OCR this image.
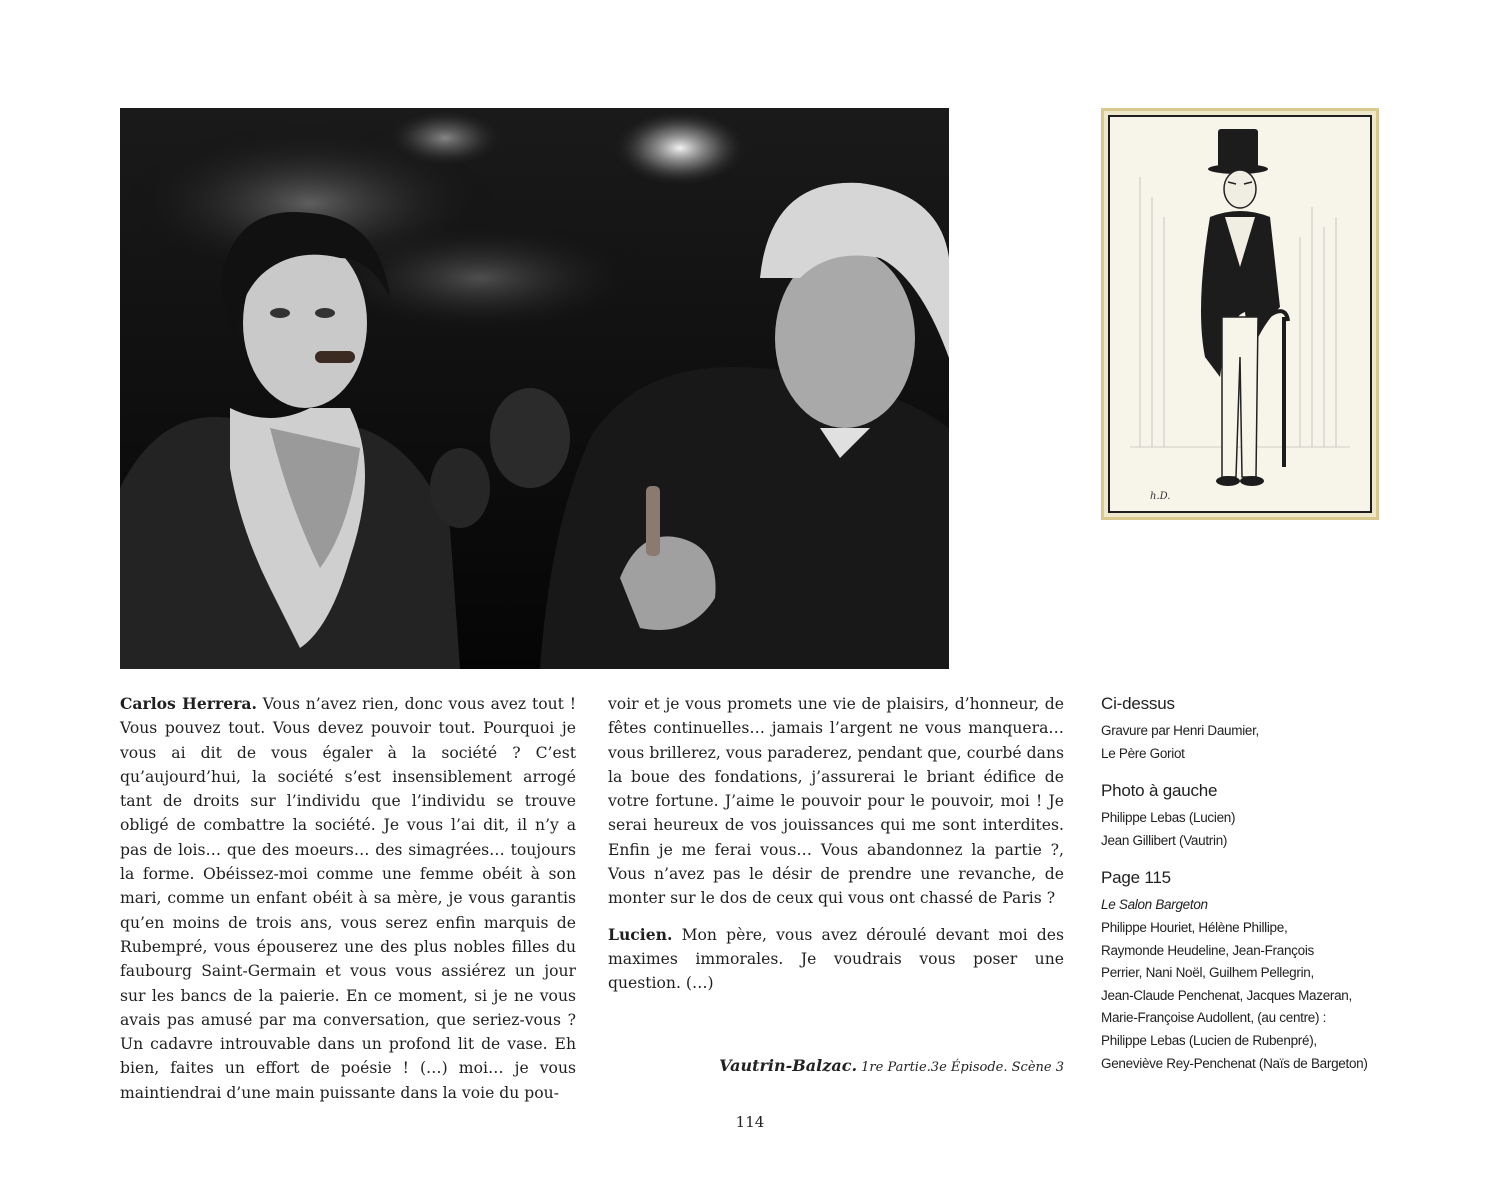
h.D.

Carlos Herrera. Vous n’avez rien, donc vous avez tout ! Vous pouvez tout. Vous devez pouvoir tout. Pourquoi je vous ai dit de vous égaler à la société ? C’est qu’aujourd’hui, la société s’est insensiblement arrogé tant de droits sur l’individu que l’individu se trouve obligé de combattre la société. Je vous l’ai dit, il n’y a pas de lois… que des moeurs… des simagrées… toujours la forme. Obéissez-moi comme une femme obéit à son mari, comme un enfant obéit à sa mère, je vous garantis qu’en moins de trois ans, vous serez enfin marquis de Rubempré, vous épouserez une des plus nobles filles du faubourg Saint-Germain et vous vous assiérez un jour sur les bancs de la paierie. En ce moment, si je ne vous avais pas amusé par ma conversation, que seriez-vous ? Un cadavre introuvable dans un profond lit de vase. Eh bien, faites un effort de poésie ! (…) moi… je vous maintiendrai d’une main puissante dans la voie du pou-

voir et je vous promets une vie de plaisirs, d’honneur, de fêtes continuelles… jamais l’argent ne vous manquera… vous brillerez, vous paraderez, pendant que, courbé dans la boue des fondations, j’assurerai le briant édifice de votre fortune. J’aime le pouvoir pour le pouvoir, moi ! Je serai heureux de vos jouissances qui me sont interdites. Enfin je me ferai vous… Vous abandonnez la partie ?, Vous n’avez pas le désir de prendre une revanche, de monter sur le dos de ceux qui vous ont chassé de Paris ?

Lucien. Mon père, vous avez déroulé devant moi des maximes immorales. Je voudrais vous poser une question. (…)

Vautrin-Balzac. 1re Partie.3e Épisode. Scène 3

Ci-dessus

Gravure par Henri Daumier,

Le Père Goriot

Photo à gauche

Philippe Lebas (Lucien)

Jean Gillibert (Vautrin)

Page 115

Le Salon Bargeton

Philippe Houriet, Hélène Phillipe,

Raymonde Heudeline, Jean-François

Perrier, Nani Noël, Guilhem Pellegrin,

Jean-Claude Penchenat, Jacques Mazeran,

Marie-Françoise Audollent, (au centre) :

Philippe Lebas (Lucien de Rubenpré),

Geneviève Rey-Penchenat (Naïs de Bargeton)

114
